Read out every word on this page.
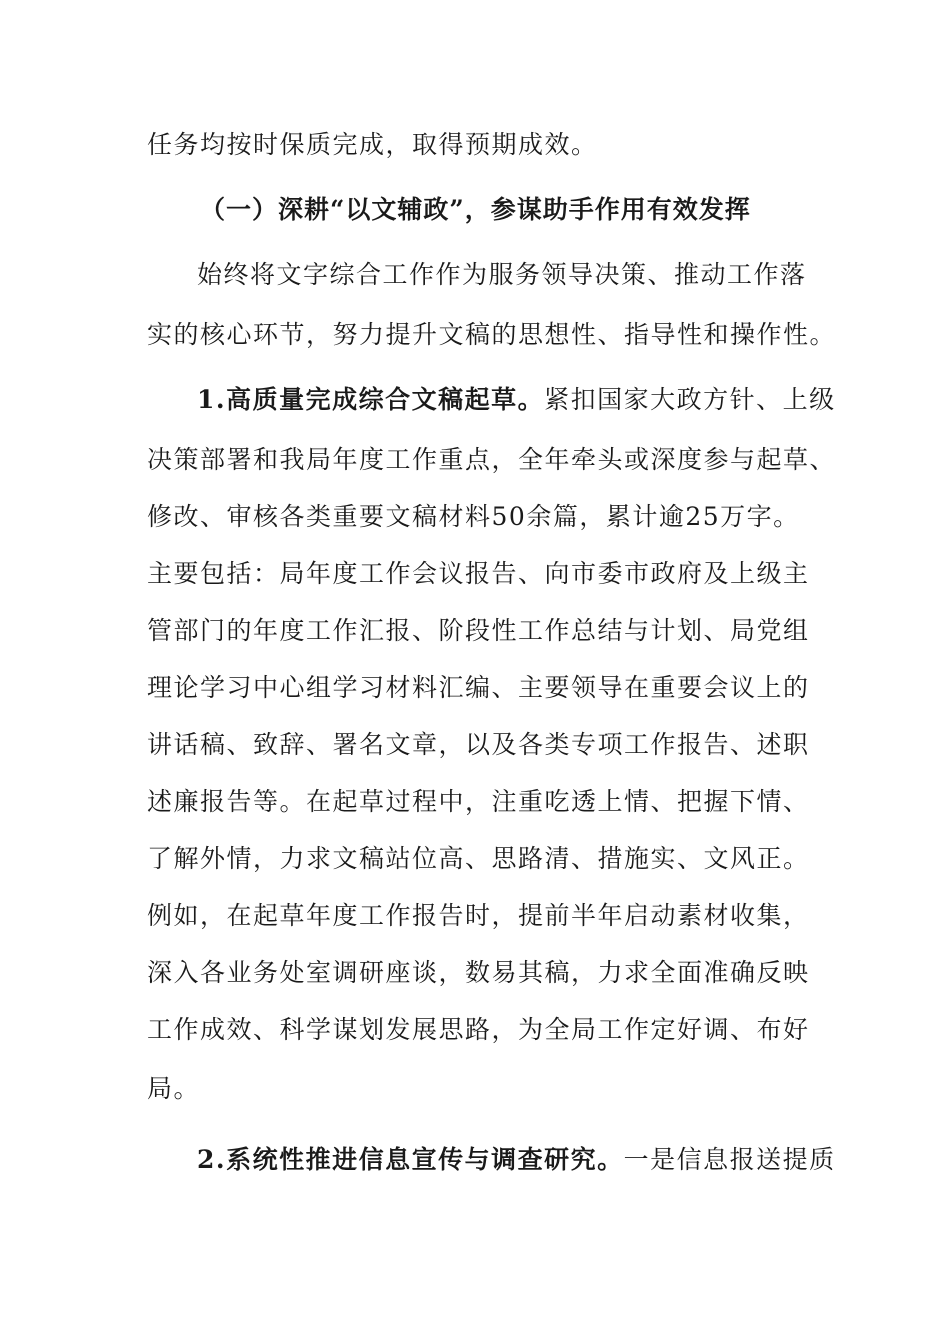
任务均按时保质完成，取得预期成效。
（一）深耕“以文辅政”，参谋助手作用有效发挥
始终将文字综合工作作为服务领导决策、推动工作落
实的核心环节，努力提升文稿的思想性、指导性和操作性。
1.高质量完成综合文稿起草。紧扣国家大政方针、上级
决策部署和我局年度工作重点，全年牵头或深度参与起草、
修改、审核各类重要文稿材料50余篇，累计逾25万字。
主要包括：局年度工作会议报告、向市委市政府及上级主
管部门的年度工作汇报、阶段性工作总结与计划、局党组
理论学习中心组学习材料汇编、主要领导在重要会议上的
讲话稿、致辞、署名文章，以及各类专项工作报告、述职
述廉报告等。在起草过程中，注重吃透上情、把握下情、
了解外情，力求文稿站位高、思路清、措施实、文风正。
例如，在起草年度工作报告时，提前半年启动素材收集，
深入各业务处室调研座谈，数易其稿，力求全面准确反映
工作成效、科学谋划发展思路，为全局工作定好调、布好
局。
2.系统性推进信息宣传与调查研究。一是信息报送提质
